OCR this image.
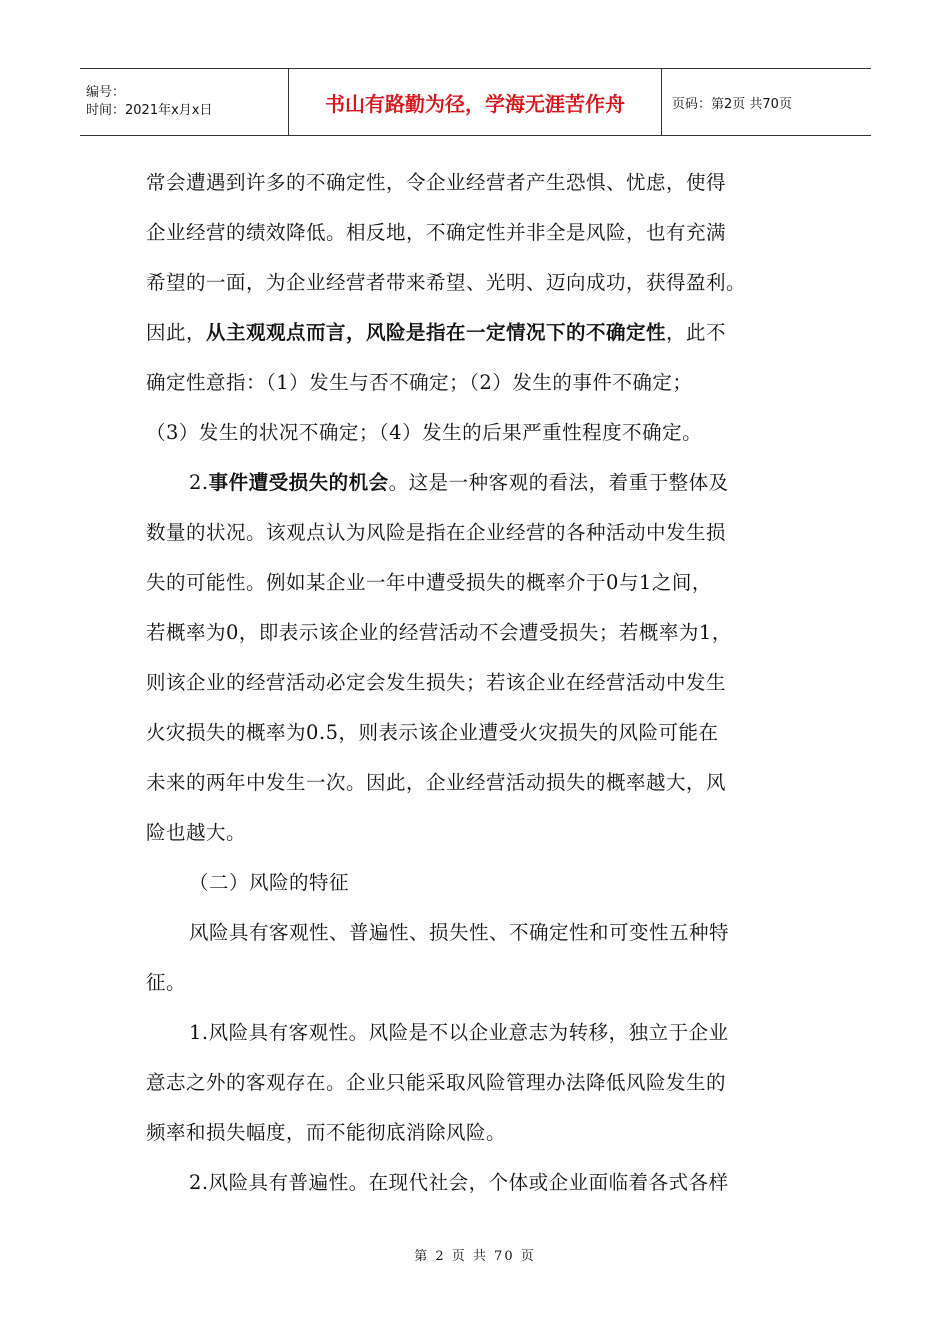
编号：
时间：2021年x月x日	书山有路勤为径，学海无涯苦作舟	页码：第2页 共70页
常会遭遇到许多的不确定性，令企业经营者产生恐惧、忧虑，使得
企业经营的绩效降低。相反地，不确定性并非全是风险，也有充满
希望的一面，为企业经营者带来希望、光明、迈向成功，获得盈利。
因此，从主观观点而言，风险是指在一定情况下的不确定性，此不
确定性意指：（1）发生与否不确定；（2）发生的事件不确定；
（3）发生的状况不确定；（4）发生的后果严重性程度不确定。
2.事件遭受损失的机会。这是一种客观的看法，着重于整体及
数量的状况。该观点认为风险是指在企业经营的各种活动中发生损
失的可能性。例如某企业一年中遭受损失的概率介于0与1之间，
若概率为0，即表示该企业的经营活动不会遭受损失；若概率为1，
则该企业的经营活动必定会发生损失；若该企业在经营活动中发生
火灾损失的概率为0.5，则表示该企业遭受火灾损失的风险可能在
未来的两年中发生一次。因此，企业经营活动损失的概率越大，风
险也越大。
（二）风险的特征
风险具有客观性、普遍性、损失性、不确定性和可变性五种特
征。
1.风险具有客观性。风险是不以企业意志为转移，独立于企业
意志之外的客观存在。企业只能采取风险管理办法降低风险发生的
频率和损失幅度，而不能彻底消除风险。
2.风险具有普遍性。在现代社会，个体或企业面临着各式各样
第 2 页 共 70 页
